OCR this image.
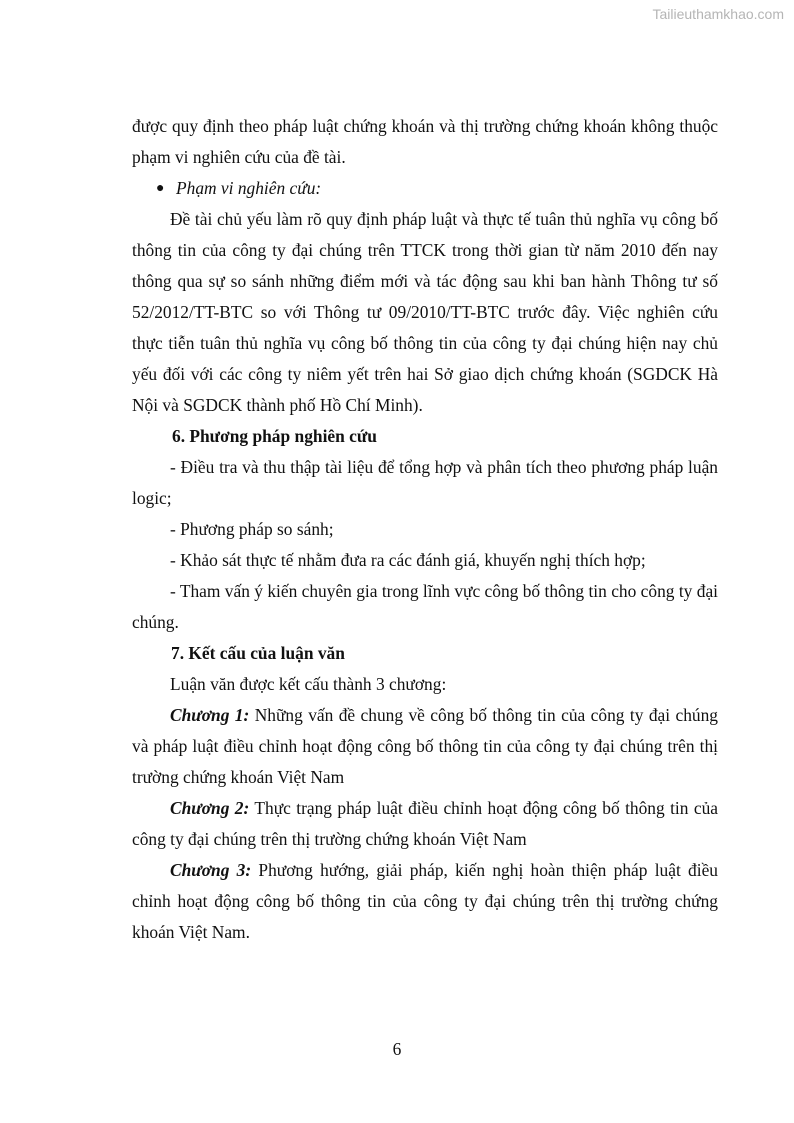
Tailieuthamkhao.com

được quy định theo pháp luật chứng khoán và thị trường chứng khoán không thuộc phạm vi nghiên cứu của đề tài.

● Phạm vi nghiên cứu:

Đề tài chủ yếu làm rõ quy định pháp luật và thực tế tuân thủ nghĩa vụ công bố thông tin của công ty đại chúng trên TTCK trong thời gian từ năm 2010 đến nay thông qua sự so sánh những điểm mới và tác động sau khi ban hành Thông tư số 52/2012/TT-BTC so với Thông tư 09/2010/TT-BTC trước đây. Việc nghiên cứu thực tiễn tuân thủ nghĩa vụ công bố thông tin của công ty đại chúng hiện nay chủ yếu đối với các công ty niêm yết trên hai Sở giao dịch chứng khoán (SGDCK Hà Nội và SGDCK thành phố Hồ Chí Minh).

6. Phương pháp nghiên cứu

- Điều tra và thu thập tài liệu để tổng hợp và phân tích theo phương pháp luận logic;

- Phương pháp so sánh;

- Khảo sát thực tế nhằm đưa ra các đánh giá, khuyến nghị thích hợp;

- Tham vấn ý kiến chuyên gia trong lĩnh vực công bố thông tin cho công ty đại chúng.

7. Kết cấu của luận văn

Luận văn được kết cấu thành 3 chương:

Chương 1: Những vấn đề chung về công bố thông tin của công ty đại chúng và pháp luật điều chỉnh hoạt động công bố thông tin của công ty đại chúng trên thị trường chứng khoán Việt Nam

Chương 2: Thực trạng pháp luật điều chỉnh hoạt động công bố thông tin của công ty đại chúng trên thị trường chứng khoán Việt Nam

Chương 3: Phương hướng, giải pháp, kiến nghị hoàn thiện pháp luật điều chỉnh hoạt động công bố thông tin của công ty đại chúng trên thị trường chứng khoán Việt Nam.

6
